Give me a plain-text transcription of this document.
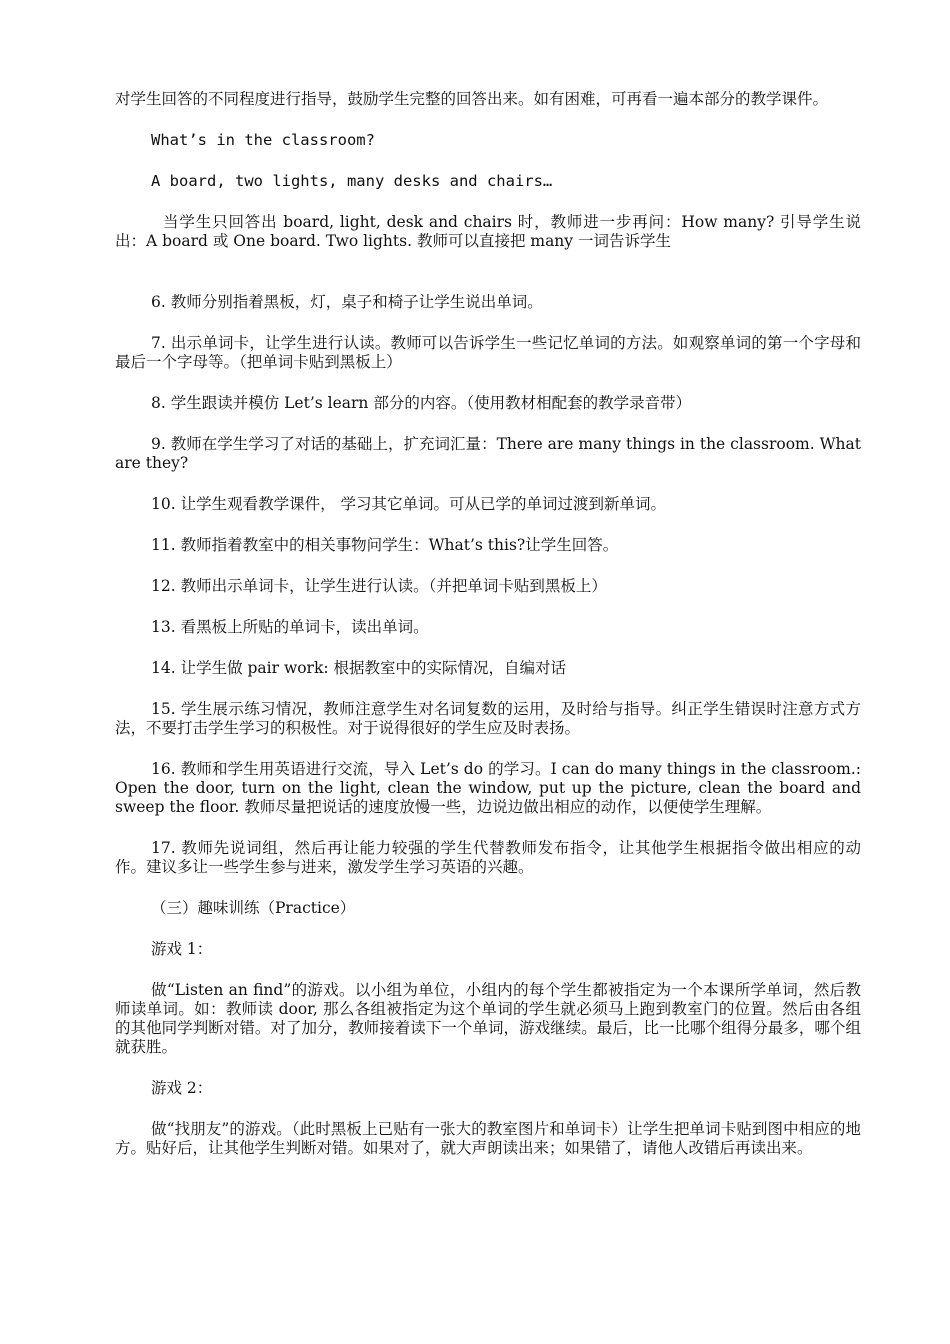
对学生回答的不同程度进行指导，鼓励学生完整的回答出来。如有困难，可再看一遍本部分的教学课件。

What’s in the classroom?

A board, two lights, many desks and chairs…

当学生只回答出 board, light, desk and chairs 时，教师进一步再问：How many? 引导学生说出：A board 或 One board. Two lights. 教师可以直接把 many 一词告诉学生

6. 教师分别指着黑板，灯，桌子和椅子让学生说出单词。

7. 出示单词卡，让学生进行认读。教师可以告诉学生一些记忆单词的方法。如观察单词的第一个字母和最后一个字母等。（把单词卡贴到黑板上）

8. 学生跟读并模仿 Let’s learn 部分的内容。（使用教材相配套的教学录音带）

9. 教师在学生学习了对话的基础上，扩充词汇量：There are many things in the classroom. What are they?

10. 让学生观看教学课件， 学习其它单词。可从已学的单词过渡到新单词。

11. 教师指着教室中的相关事物问学生：What’s this?让学生回答。

12. 教师出示单词卡，让学生进行认读。（并把单词卡贴到黑板上）

13. 看黑板上所贴的单词卡，读出单词。

14. 让学生做 pair work: 根据教室中的实际情况，自编对话

15. 学生展示练习情况，教师注意学生对名词复数的运用，及时给与指导。纠正学生错误时注意方式方法，不要打击学生学习的积极性。对于说得很好的学生应及时表扬。

16. 教师和学生用英语进行交流，导入 Let’s do 的学习。I can do many things in the classroom.: Open the door, turn on the light, clean the window, put up the picture, clean the board and sweep the floor. 教师尽量把说话的速度放慢一些，边说边做出相应的动作，以便使学生理解。

17. 教师先说词组，然后再让能力较强的学生代替教师发布指令，让其他学生根据指令做出相应的动作。建议多让一些学生参与进来，激发学生学习英语的兴趣。

（三）趣味训练（Practice）

游戏 1：

做“Listen an find”的游戏。以小组为单位，小组内的每个学生都被指定为一个本课所学单词，然后教师读单词。如：教师读 door, 那么各组被指定为这个单词的学生就必须马上跑到教室门的位置。然后由各组的其他同学判断对错。对了加分，教师接着读下一个单词，游戏继续。最后，比一比哪个组得分最多，哪个组就获胜。

游戏 2：

做“找朋友”的游戏。（此时黑板上已贴有一张大的教室图片和单词卡）让学生把单词卡贴到图中相应的地方。贴好后，让其他学生判断对错。如果对了，就大声朗读出来；如果错了，请他人改错后再读出来。
